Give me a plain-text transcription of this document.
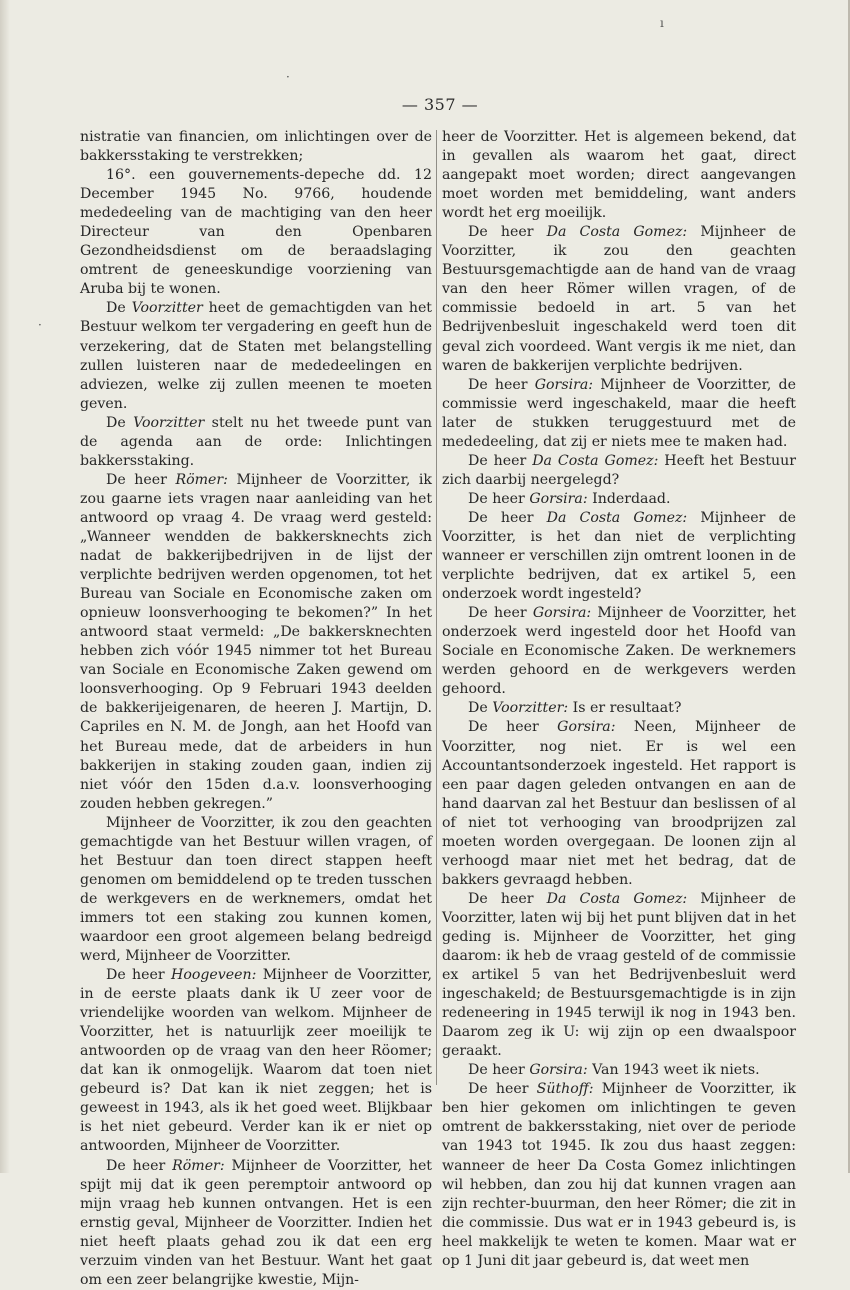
ı
·
·
— 357 —

nistratie van financien, om inlichtingen over de bakkersstaking te verstrekken;

16°. een gouvernements-depeche dd. 12 December 1945 No. 9766, houdende mededeeling van de machtiging van den heer Directeur van den Openbaren Gezondheidsdienst om de beraadslaging omtrent de geneeskundige voorziening van Aruba bij te wonen.

De Voorzitter heet de gemachtigden van het Bestuur welkom ter vergadering en geeft hun de verzekering, dat de Staten met belangstelling zullen luisteren naar de mededeelingen en adviezen, welke zij zullen meenen te moeten geven.

De Voorzitter stelt nu het tweede punt van de agenda aan de orde: Inlichtingen bakkersstaking.

De heer Römer: Mijnheer de Voorzitter, ik zou gaarne iets vragen naar aanleiding van het antwoord op vraag 4. De vraag werd gesteld: „Wanneer wendden de bakkersknechts zich nadat de bakkerijbedrijven in de lijst der verplichte bedrijven werden opgenomen, tot het Bureau van Sociale en Economische zaken om opnieuw loonsverhooging te bekomen?” In het antwoord staat vermeld: „De bakkersknechten hebben zich vóór 1945 nimmer tot het Bureau van Sociale en Economische Zaken gewend om loonsverhooging. Op 9 Februari 1943 deelden de bakkerijeigenaren, de heeren J. Martijn, D. Capriles en N. M. de Jongh, aan het Hoofd van het Bureau mede, dat de arbeiders in hun bakkerijen in staking zouden gaan, indien zij niet vóór den 15den d.a.v. loonsverhooging zouden hebben gekregen.”

Mijnheer de Voorzitter, ik zou den geachten gemachtigde van het Bestuur willen vragen, of het Bestuur dan toen direct stappen heeft genomen om bemiddelend op te treden tusschen de werkgevers en de werknemers, omdat het immers tot een staking zou kunnen komen, waardoor een groot algemeen belang bedreigd werd, Mijnheer de Voorzitter.

De heer Hoogeveen: Mijnheer de Voorzitter, in de eerste plaats dank ik U zeer voor de vriendelijke woorden van welkom. Mijnheer de Voorzitter, het is natuurlijk zeer moeilijk te antwoorden op de vraag van den heer Röomer; dat kan ik onmogelijk. Waarom dat toen niet gebeurd is? Dat kan ik niet zeggen; het is geweest in 1943, als ik het goed weet. Blijkbaar is het niet gebeurd. Verder kan ik er niet op antwoorden, Mijnheer de Voorzitter.

De heer Römer: Mijnheer de Voorzitter, het spijt mij dat ik geen peremptoir antwoord op mijn vraag heb kunnen ontvangen. Het is een ernstig geval, Mijnheer de Voorzitter. Indien het niet heeft plaats gehad zou ik dat een erg verzuim vinden van het Bestuur. Want het gaat om een zeer belangrijke kwestie, Mijn-

heer de Voorzitter. Het is algemeen bekend, dat in gevallen als waarom het gaat, direct aangepakt moet worden; direct aangevangen moet worden met bemiddeling, want anders wordt het erg moeilijk.

De heer Da Costa Gomez: Mijnheer de Voorzitter, ik zou den geachten Bestuursgemachtigde aan de hand van de vraag van den heer Römer willen vragen, of de commissie bedoeld in art. 5 van het Bedrijvenbesluit ingeschakeld werd toen dit geval zich voordeed. Want vergis ik me niet, dan waren de bakkerijen verplichte bedrijven.

De heer Gorsira: Mijnheer de Voorzitter, de commissie werd ingeschakeld, maar die heeft later de stukken teruggestuurd met de mededeeling, dat zij er niets mee te maken had.

De heer Da Costa Gomez: Heeft het Bestuur zich daarbij neergelegd?

De heer Gorsira: Inderdaad.

De heer Da Costa Gomez: Mijnheer de Voorzitter, is het dan niet de verplichting wanneer er verschillen zijn omtrent loonen in de verplichte bedrijven, dat ex artikel 5, een onderzoek wordt ingesteld?

De heer Gorsira: Mijnheer de Voorzitter, het onderzoek werd ingesteld door het Hoofd van Sociale en Economische Zaken. De werknemers werden gehoord en de werkgevers werden gehoord.

De Voorzitter: Is er resultaat?

De heer Gorsira: Neen, Mijnheer de Voorzitter, nog niet. Er is wel een Accountantsonderzoek ingesteld. Het rapport is een paar dagen geleden ontvangen en aan de hand daarvan zal het Bestuur dan beslissen of al of niet tot verhooging van broodprijzen zal moeten worden overgegaan. De loonen zijn al verhoogd maar niet met het bedrag, dat de bakkers gevraagd hebben.

De heer Da Costa Gomez: Mijnheer de Voorzitter, laten wij bij het punt blijven dat in het geding is. Mijnheer de Voorzitter, het ging daarom: ik heb de vraag gesteld of de commissie ex artikel 5 van het Bedrijvenbesluit werd ingeschakeld; de Bestuursgemachtigde is in zijn redeneering in 1945 terwijl ik nog in 1943 ben. Daarom zeg ik U: wij zijn op een dwaalspoor geraakt.

De heer Gorsira: Van 1943 weet ik niets.

De heer Süthoff: Mijnheer de Voorzitter, ik ben hier gekomen om inlichtingen te geven omtrent de bakkersstaking, niet over de periode van 1943 tot 1945. Ik zou dus haast zeggen: wanneer de heer Da Costa Gomez inlichtingen wil hebben, dan zou hij dat kunnen vragen aan zijn rechter-buurman, den heer Römer; die zit in die commissie. Dus wat er in 1943 gebeurd is, is heel makkelijk te weten te komen. Maar wat er op 1 Juni dit jaar gebeurd is, dat weet men
